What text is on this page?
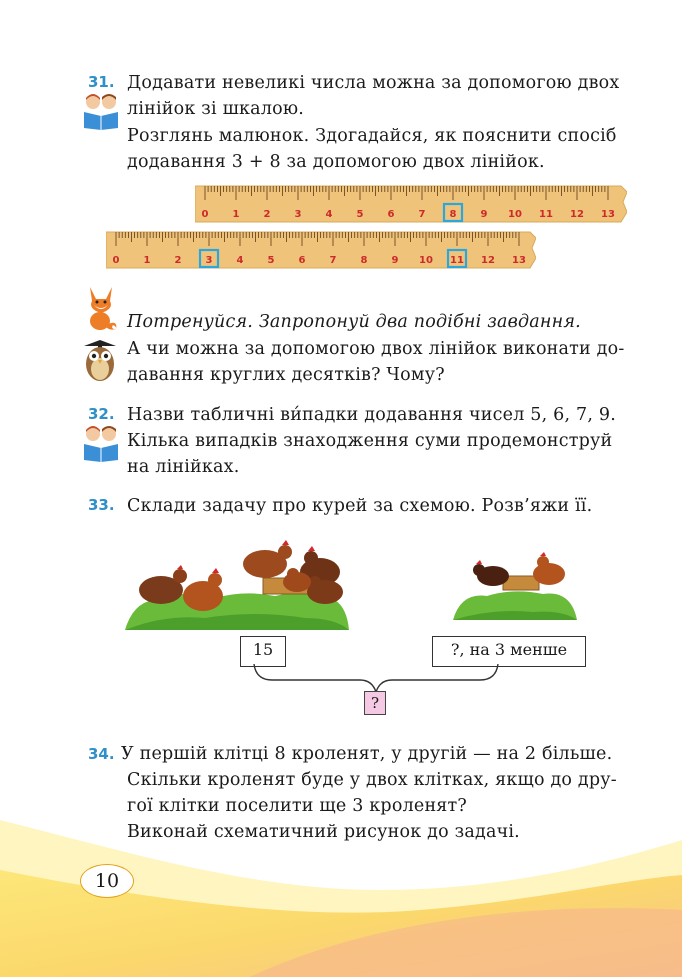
31. Додавати невеликі числа можна за допомогою двох
лінійок зі шкалою.
Розглянь малюнок. Здогадайся, як пояснити спосіб
додавання 3 + 8 за допомогою двох лінійок.
0 1 2 3 4 5 6 7 8 9 10 11 12 13
0 1 2 3 4 5 6 7 8 9 10 11 12 13
Потренуйся. Запропонуй два подібні завдання.
А чи можна за допомогою двох лінійок виконати до-
давання круглих десятків? Чому?
32. Назви табличні ви́падки додавання чисел 5, 6, 7, 9.
Кілька випадків знаходження суми продемонструй
на лінійках.
33. Склади задачу про курей за схемою. Розв’яжи її.
15	?, на 3 менше
?
34. У першій клітці 8 кроленят, у другій — на 2 більше.
Скільки кроленят буде у двох клітках, якщо до дру-
гої клітки поселити ще 3 кроленят?
Виконай схематичний рисунок до задачі.
10
